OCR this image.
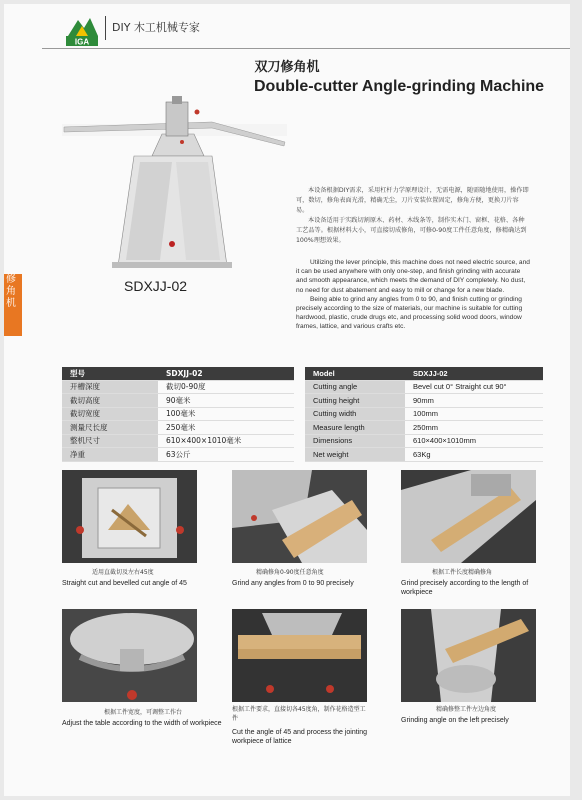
修角机
IGA
DIY 木工机械专家
双刀修角机
Double-cutter Angle-grinding Machine
SDXJJ-02
本设备根据DIY需求，采用杠杆力学原理设计，无需电源，随需随地使用，操作即可，数切，修角表面光滑，精确无尘，刀片安装位置固定，修角方便，更换刀片容易。
本设备适用于实践切割原木、药材、木线条等，制作实木门、窗框、花格、各种工艺品等。根据材料大小，可直接切成修角，可修0-90度工件任意角度，修精确达到100%理想效果。

Utilizing the lever principle, this machine does not need electric source, and it can be used anywhere with only one-step, and finish grinding with accurate and smooth appearance, which meets the demand of DIY completely. No dust, no need for dust abatement and easy to mill or change for a new blade.

Being able to grind any angles from 0 to 90, and finish cutting or grinding precisely according to the size of materials, our machine is suitable for cutting hardwood, plastic, crude drugs etc, and processing solid wood doors, window frames, lattice, and various crafts etc.

型号	SDXJJ-02
开槽深度	截切0-90度
截切高度	90毫米
截切宽度	100毫米
测量尺长度	250毫米
整机尺寸	610×400×1010毫米
净重	63公斤
Model	SDXJJ-02
Cutting angle	Bevel cut 0° Straight cut 90°
Cutting height	90mm
Cutting width	100mm
Measure length	250mm
Dimensions	610×400×1010mm
Net weight	63Kg
适用直截切及左右45度
Straight cut and bevelled cut angle of 45
精确修角0-90度任意角度
Grind any angles from 0 to 90 precisely
根据工件长度精确修角
Grind precisely according to the length of workpiece
根据工件宽度，可调整工作台
Adjust the table according to the width of workpiece
根据工件要求，直接切各45度角，制作花格造型工件
Cut the angle of 45 and process the jointing workpiece of lattice
精确修整工件左边角度
Grinding angle on the left precisely
